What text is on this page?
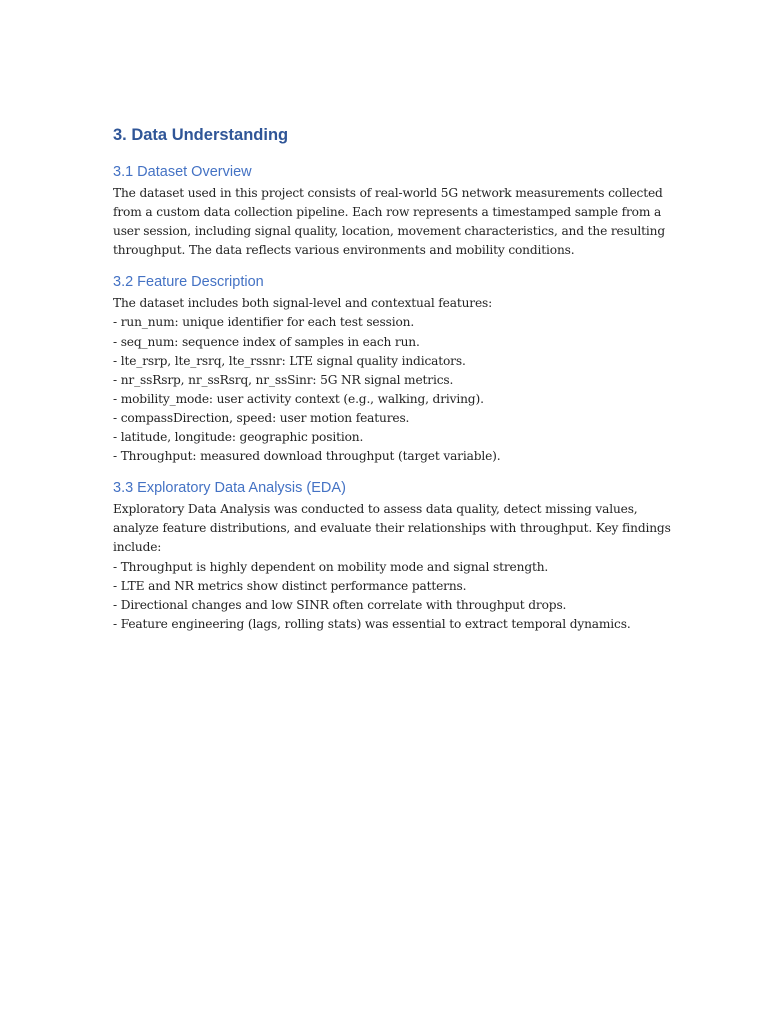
3. Data Understanding
3.1 Dataset Overview
The dataset used in this project consists of real-world 5G network measurements collected
from a custom data collection pipeline. Each row represents a timestamped sample from a
user session, including signal quality, location, movement characteristics, and the resulting
throughput. The data reflects various environments and mobility conditions.
3.2 Feature Description
The dataset includes both signal-level and contextual features:
- run_num: unique identifier for each test session.
- seq_num: sequence index of samples in each run.
- lte_rsrp, lte_rsrq, lte_rssnr: LTE signal quality indicators.
- nr_ssRsrp, nr_ssRsrq, nr_ssSinr: 5G NR signal metrics.
- mobility_mode: user activity context (e.g., walking, driving).
- compassDirection, speed: user motion features.
- latitude, longitude: geographic position.
- Throughput: measured download throughput (target variable).
3.3 Exploratory Data Analysis (EDA)
Exploratory Data Analysis was conducted to assess data quality, detect missing values,
analyze feature distributions, and evaluate their relationships with throughput. Key findings
include:
- Throughput is highly dependent on mobility mode and signal strength.
- LTE and NR metrics show distinct performance patterns.
- Directional changes and low SINR often correlate with throughput drops.
- Feature engineering (lags, rolling stats) was essential to extract temporal dynamics.
